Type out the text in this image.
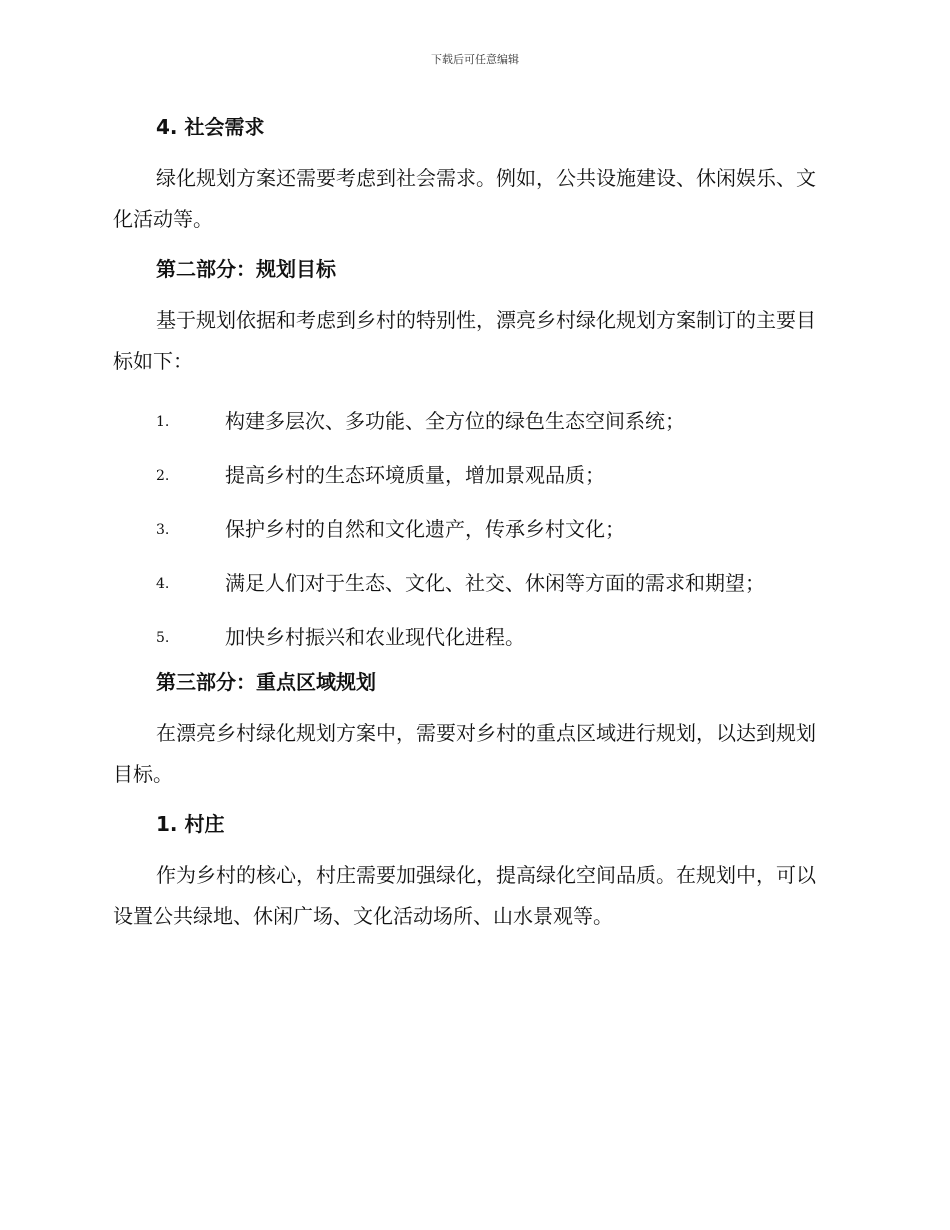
下载后可任意编辑
4. 社会需求

绿化规划方案还需要考虑到社会需求。例如，公共设施建设、休闲娱乐、文化活动等。

第二部分：规划目标

基于规划依据和考虑到乡村的特别性，漂亮乡村绿化规划方案制订的主要目标如下：

1.	构建多层次、多功能、全方位的绿色生态空间系统；
2.	提高乡村的生态环境质量，增加景观品质；
3.	保护乡村的自然和文化遗产，传承乡村文化；
4.	满足人们对于生态、文化、社交、休闲等方面的需求和期望；
5.	加快乡村振兴和农业现代化进程。
第三部分：重点区域规划

在漂亮乡村绿化规划方案中，需要对乡村的重点区域进行规划，以达到规划目标。

1. 村庄

作为乡村的核心，村庄需要加强绿化，提高绿化空间品质。在规划中，可以设置公共绿地、休闲广场、文化活动场所、山水景观等。
